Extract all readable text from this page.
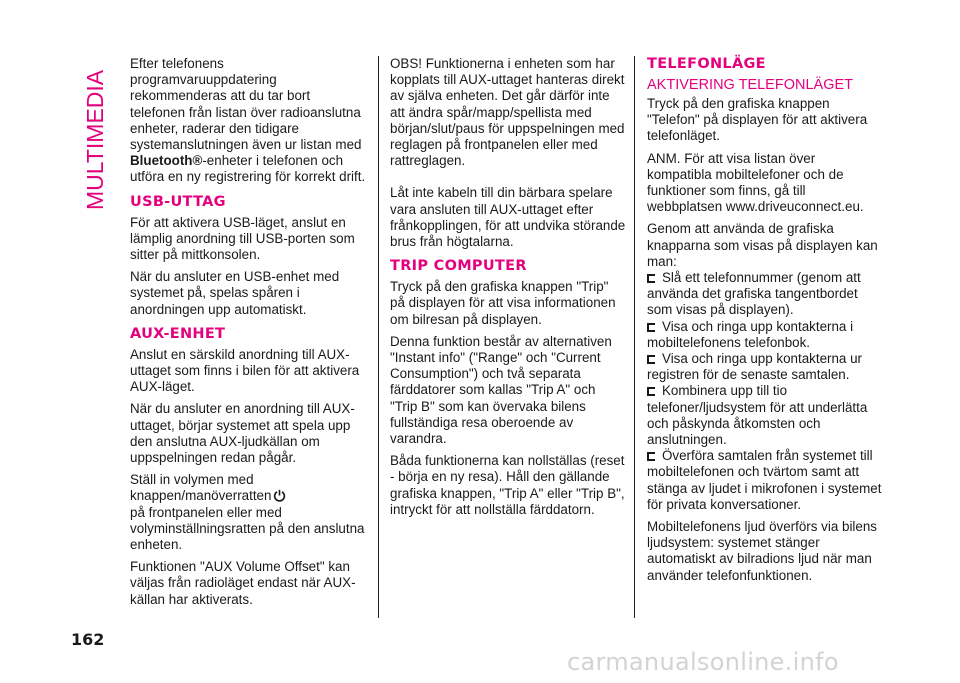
MULTIMEDIA

Efter telefonens programvaruuppdatering rekommenderas att du tar bort telefonen från listan över radioanslutna enheter, raderar den tidigare systemanslutningen även ur listan med Bluetooth®-enheter i telefonen och utföra en ny registrering för korrekt drift.

USB-UTTAG

För att aktivera USB-läget, anslut en lämplig anordning till USB-porten som sitter på mittkonsolen.

När du ansluter en USB-enhet med systemet på, spelas spåren i anordningen upp automatiskt.

AUX-ENHET

Anslut en särskild anordning till AUX-uttaget som finns i bilen för att aktivera AUX-läget.

När du ansluter en anordning till AUX-uttaget, börjar systemet att spela upp den anslutna AUX-ljudkällan om uppspelningen redan pågår.

Ställ in volymen med knappen/manöverratten
på frontpanelen eller med volyminställningsratten på den anslutna enheten.

Funktionen "AUX Volume Offset" kan väljas från radioläget endast när AUX-källan har aktiverats.

OBS! Funktionerna i enheten som har kopplats till AUX-uttaget hanteras direkt av själva enheten. Det går därför inte att ändra spår/mapp/spellista med början/slut/paus för uppspelningen med reglagen på frontpanelen eller med rattreglagen.

Låt inte kabeln till din bärbara spelare vara ansluten till AUX-uttaget efter frånkopplingen, för att undvika störande brus från högtalarna.

TRIP COMPUTER

Tryck på den grafiska knappen "Trip" på displayen för att visa informationen om bilresan på displayen.

Denna funktion består av alternativen "Instant info" ("Range" och "Current Consumption") och två separata färddatorer som kallas "Trip A" och "Trip B" som kan övervaka bilens fullständiga resa oberoende av varandra.

Båda funktionerna kan nollställas (reset - börja en ny resa). Håll den gällande grafiska knappen, "Trip A" eller "Trip B", intryckt för att nollställa färddatorn.

TELEFONLÄGE
AKTIVERING TELEFONLÄGET

Tryck på den grafiska knappen "Telefon" på displayen för att aktivera telefonläget.

ANM. För att visa listan över kompatibla mobiltelefoner och de funktioner som finns, gå till webbplatsen www.driveuconnect.eu.

Genom att använda de grafiska knapparna som visas på displayen kan man:

Slå ett telefonnummer (genom att använda det grafiska tangentbordet som visas på displayen).
Visa och ringa upp kontakterna i mobiltelefonens telefonbok.
Visa och ringa upp kontakterna ur registren för de senaste samtalen.
Kombinera upp till tio telefoner/ljudsystem för att underlätta och påskynda åtkomsten och anslutningen.
Överföra samtalen från systemet till mobiltelefonen och tvärtom samt att stänga av ljudet i mikrofonen i systemet för privata konversationer.

Mobiltelefonens ljud överförs via bilens ljudsystem: systemet stänger automatiskt av bilradions ljud när man använder telefonfunktionen.

162
carmanualsonline.info
